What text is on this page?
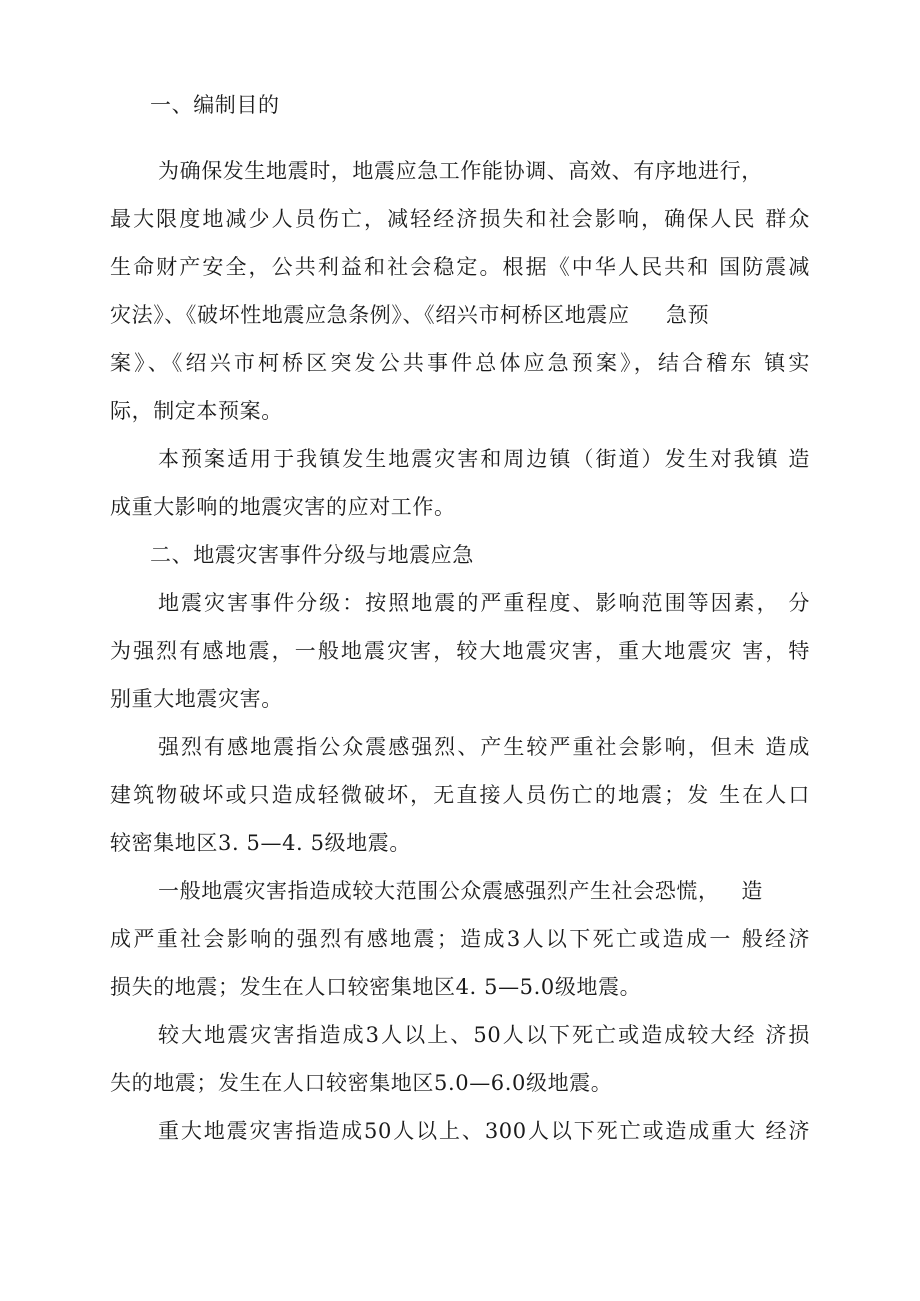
一、编制目的

为确保发生地震时，地震应急工作能协调、高效、有序地进行，

最大限度地减少人员伤亡，减轻经济损失和社会影响，确保人民 群众

生命财产安全，公共利益和社会稳定。根据《中华人民共和 国防震减

灾法》、《破坏性地震应急条例》、《绍兴市柯桥区地震应     急预

案》、《绍兴市柯桥区突发公共事件总体应急预案》，结合稽东 镇实

际，制定本预案。

本预案适用于我镇发生地震灾害和周边镇（街道）发生对我镇 造

成重大影响的地震灾害的应对工作。

二、地震灾害事件分级与地震应急

地震灾害事件分级：按照地震的严重程度、影响范围等因素， 分

为强烈有感地震，一般地震灾害，较大地震灾害，重大地震灾 害，特

别重大地震灾害。

强烈有感地震指公众震感强烈、产生较严重社会影响，但未 造成

建筑物破坏或只造成轻微破坏，无直接人员伤亡的地震；发 生在人口

较密集地区3. 5—4. 5级地震。

一般地震灾害指造成较大范围公众震感强烈产生社会恐慌，   造

成严重社会影响的强烈有感地震；造成3人以下死亡或造成一 般经济

损失的地震；发生在人口较密集地区4. 5—5.0级地震。

较大地震灾害指造成3人以上、50人以下死亡或造成较大经 济损

失的地震；发生在人口较密集地区5.0—6.0级地震。

重大地震灾害指造成50人以上、300人以下死亡或造成重大 经济
